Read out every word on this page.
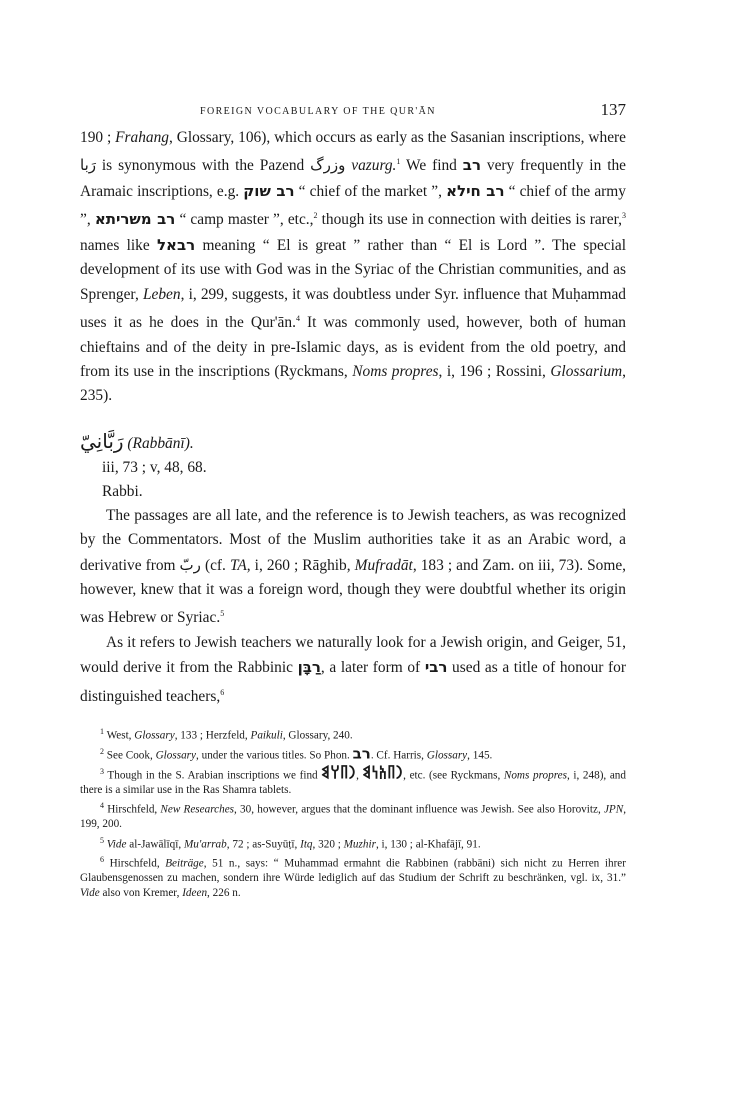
FOREIGN VOCABULARY OF THE QUR'ĀN	137

190 ; Frahang, Glossary, 106), which occurs as early as the Sasanian inscriptions, where رَبا is synonymous with the Pazend وزرگ vazurg.$^1$ We find רב very frequently in the Aramaic inscriptions, e.g. רב שוק “ chief of the market ”, רב חילא “ chief of the army ”, רב משריתא “ camp master ”, etc.,$^2$ though its use in connection with deities is rarer,$^3$ names like רבאל meaning “ El is great ” rather than “ El is Lord ”. The special development of its use with God was in the Syriac of the Christian communities, and as Sprenger, Leben, i, 299, suggests, it was doubtless under Syr. influence that Muḥammad uses it as he does in the Qur'ān.$^4$ It was commonly used, however, both of human chieftains and of the deity in pre-Islamic days, as is evident from the old poetry, and from its use in the inscriptions (Ryckmans, Noms propres, i, 196 ; Rossini, Glossarium, 235).

رَبَّانِيّ (Rabbānī).
iii, 73 ; v, 48, 68.
Rabbi.

The passages are all late, and the reference is to Jewish teachers, as was recognized by the Commentators. Most of the Muslim authorities take it as an Arabic word, a derivative from ربّ (cf. TA, i, 260 ; Rāghib, Mufradāt, 183 ; and Zam. on iii, 73). Some, however, knew that it was a foreign word, though they were doubtful whether its origin was Hebrew or Syriac.$^5$

As it refers to Jewish teachers we naturally look for a Jewish origin, and Geiger, 51, would derive it from the Rabbinic רַבָּן, a later form of רבי used as a title of honour for distinguished teachers,$^6$

$^1$ West, Glossary, 133 ; Herzfeld, Paikuli, Glossary, 240.

$^2$ See Cook, Glossary, under the various titles. So Phon. רב. Cf. Harris, Glossary, 145.

$^3$ Though in the S. Arabian inscriptions we find 𐩧𐩨𐩠𐩣, 𐩧𐩨𐩱𐩬𐩣, etc. (see Ryckmans, Noms propres, i, 248), and there is a similar use in the Ras Shamra tablets.

$^4$ Hirschfeld, New Researches, 30, however, argues that the dominant influence was Jewish. See also Horovitz, JPN, 199, 200.

$^5$ Vide al-Jawālīqī, Mu'arrab, 72 ; as-Suyūṭī, Itq, 320 ; Muzhir, i, 130 ; al-Khafājī, 91.

$^6$ Hirschfeld, Beiträge, 51 n., says: “ Muhammad ermahnt die Rabbinen (rabbāni) sich nicht zu Herren ihrer Glaubensgenossen zu machen, sondern ihre Würde lediglich auf das Studium der Schrift zu beschränken, vgl. ix, 31.” Vide also von Kremer, Ideen, 226 n.
